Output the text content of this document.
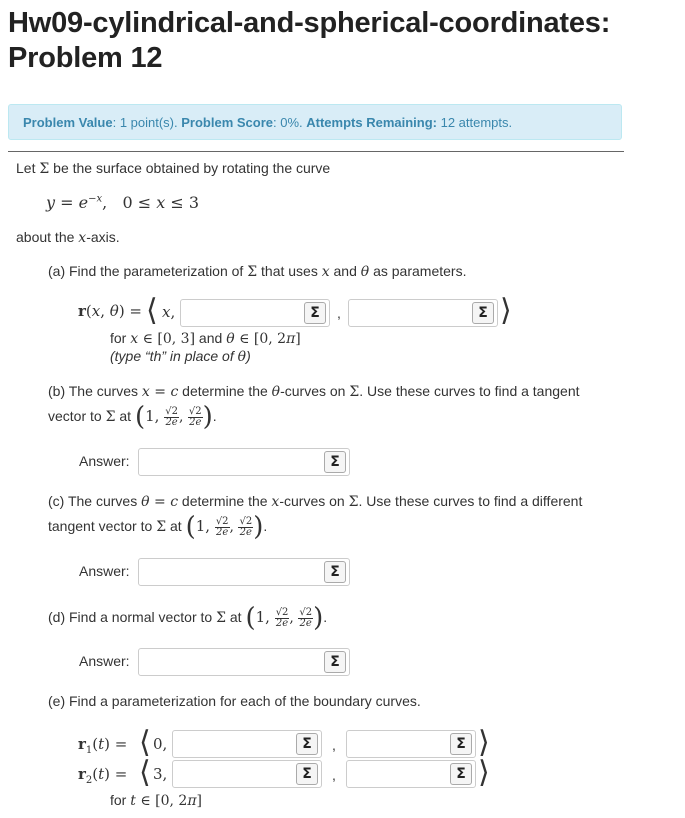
Hw09-cylindrical-and-spherical-coordinates:
Problem 12
Problem Value: 1 point(s). Problem Score: 0%. Attempts Remaining: 12 attempts.
Let Σ be the surface obtained by rotating the curve
$y = e^{-x}$,   0 ≤ x ≤ 3
about the x-axis.
(a) Find the parameterization of Σ that uses x and θ as parameters.
r(x, θ) = ⟨ x,	Σ	,	Σ ⟩
for x ∈ [0, 3] and θ ∈ [0, 2π]
(type “th” in place of θ)
(b) The curves x = c determine the θ-curves on Σ. Use these curves to find a tangent
vector to Σ at (1, $\frac{√2}{2e}$ , $\frac{√2}{2e}$ ).
Answer:	Σ
(c) The curves θ = c determine the x-curves on Σ. Use these curves to find a different
tangent vector to Σ at (1, $\frac{√2}{2e}$ , $\frac{√2}{2e}$ ).
Answer:	Σ
(d) Find a normal vector to Σ at (1, $\frac{√2}{2e}$ , $\frac{√2}{2e}$ ).
Answer:	Σ
(e) Find a parameterization for each of the boundary curves.
$r_1(t)$ = ⟨ 0,	Σ	,	Σ ⟩
$r_2(t)$ = ⟨ 3,	Σ	,	Σ ⟩
for t ∈ [0, 2π]
